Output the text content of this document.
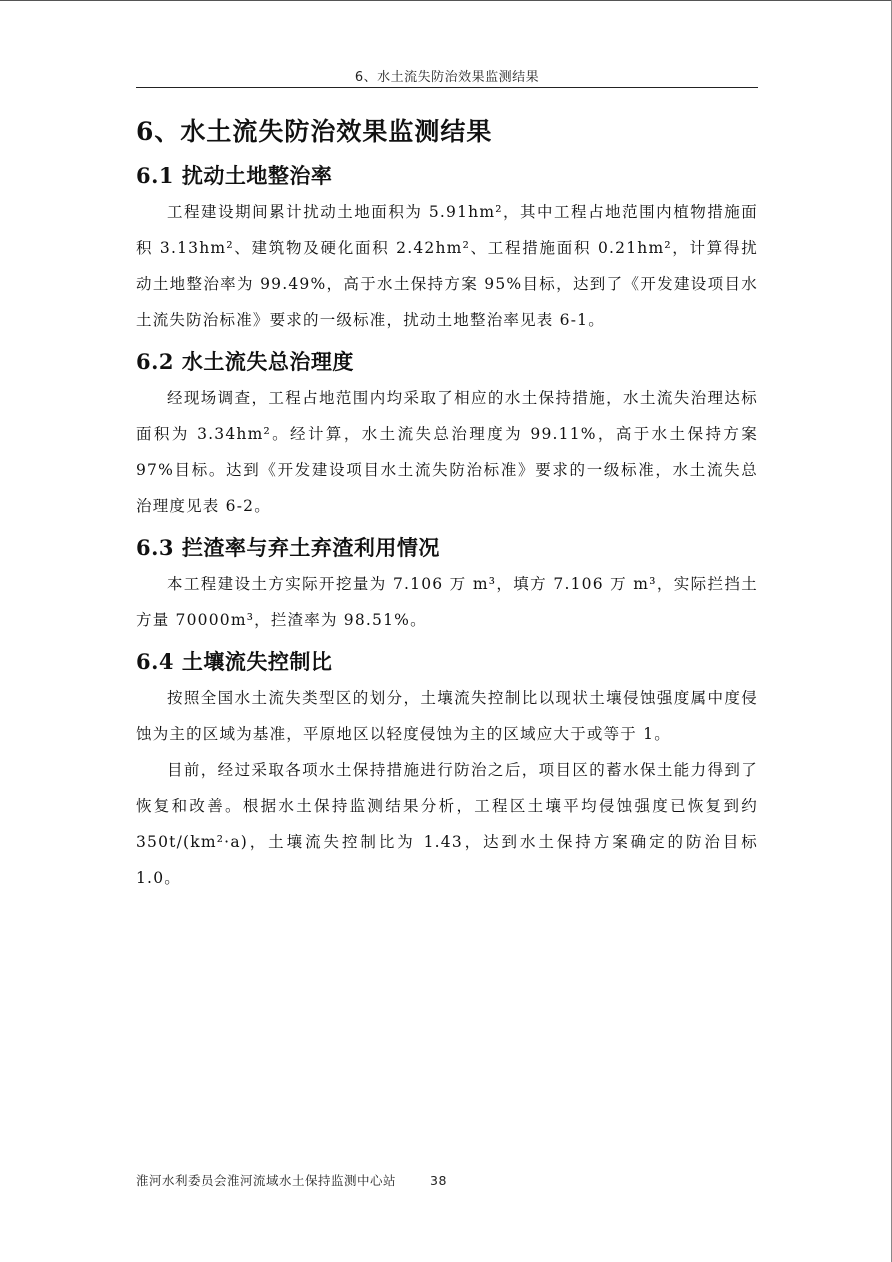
6、水土流失防治效果监测结果
6、水土流失防治效果监测结果
6.1 扰动土地整治率

工程建设期间累计扰动土地面积为 5.91hm²，其中工程占地范围内植物措施面积 3.13hm²、建筑物及硬化面积 2.42hm²、工程措施面积 0.21hm²，计算得扰动土地整治率为 99.49%，高于水土保持方案 95%目标，达到了《开发建设项目水土流失防治标准》要求的一级标准，扰动土地整治率见表 6-1。

6.2 水土流失总治理度

经现场调查，工程占地范围内均采取了相应的水土保持措施，水土流失治理达标面积为 3.34hm²。经计算，水土流失总治理度为 99.11%，高于水土保持方案 97%目标。达到《开发建设项目水土流失防治标准》要求的一级标准，水土流失总治理度见表 6-2。

6.3 拦渣率与弃土弃渣利用情况

本工程建设土方实际开挖量为 7.106 万 m³，填方 7.106 万 m³，实际拦挡土方量 70000m³，拦渣率为 98.51%。

6.4 土壤流失控制比

按照全国水土流失类型区的划分，土壤流失控制比以现状土壤侵蚀强度属中度侵蚀为主的区域为基准，平原地区以轻度侵蚀为主的区域应大于或等于 1。

目前，经过采取各项水土保持措施进行防治之后，项目区的蓄水保土能力得到了恢复和改善。根据水土保持监测结果分析，工程区土壤平均侵蚀强度已恢复到约 350t/(km²·a)，土壤流失控制比为 1.43，达到水土保持方案确定的防治目标 1.0。

淮河水利委员会淮河流域水土保持监测中心站	38
